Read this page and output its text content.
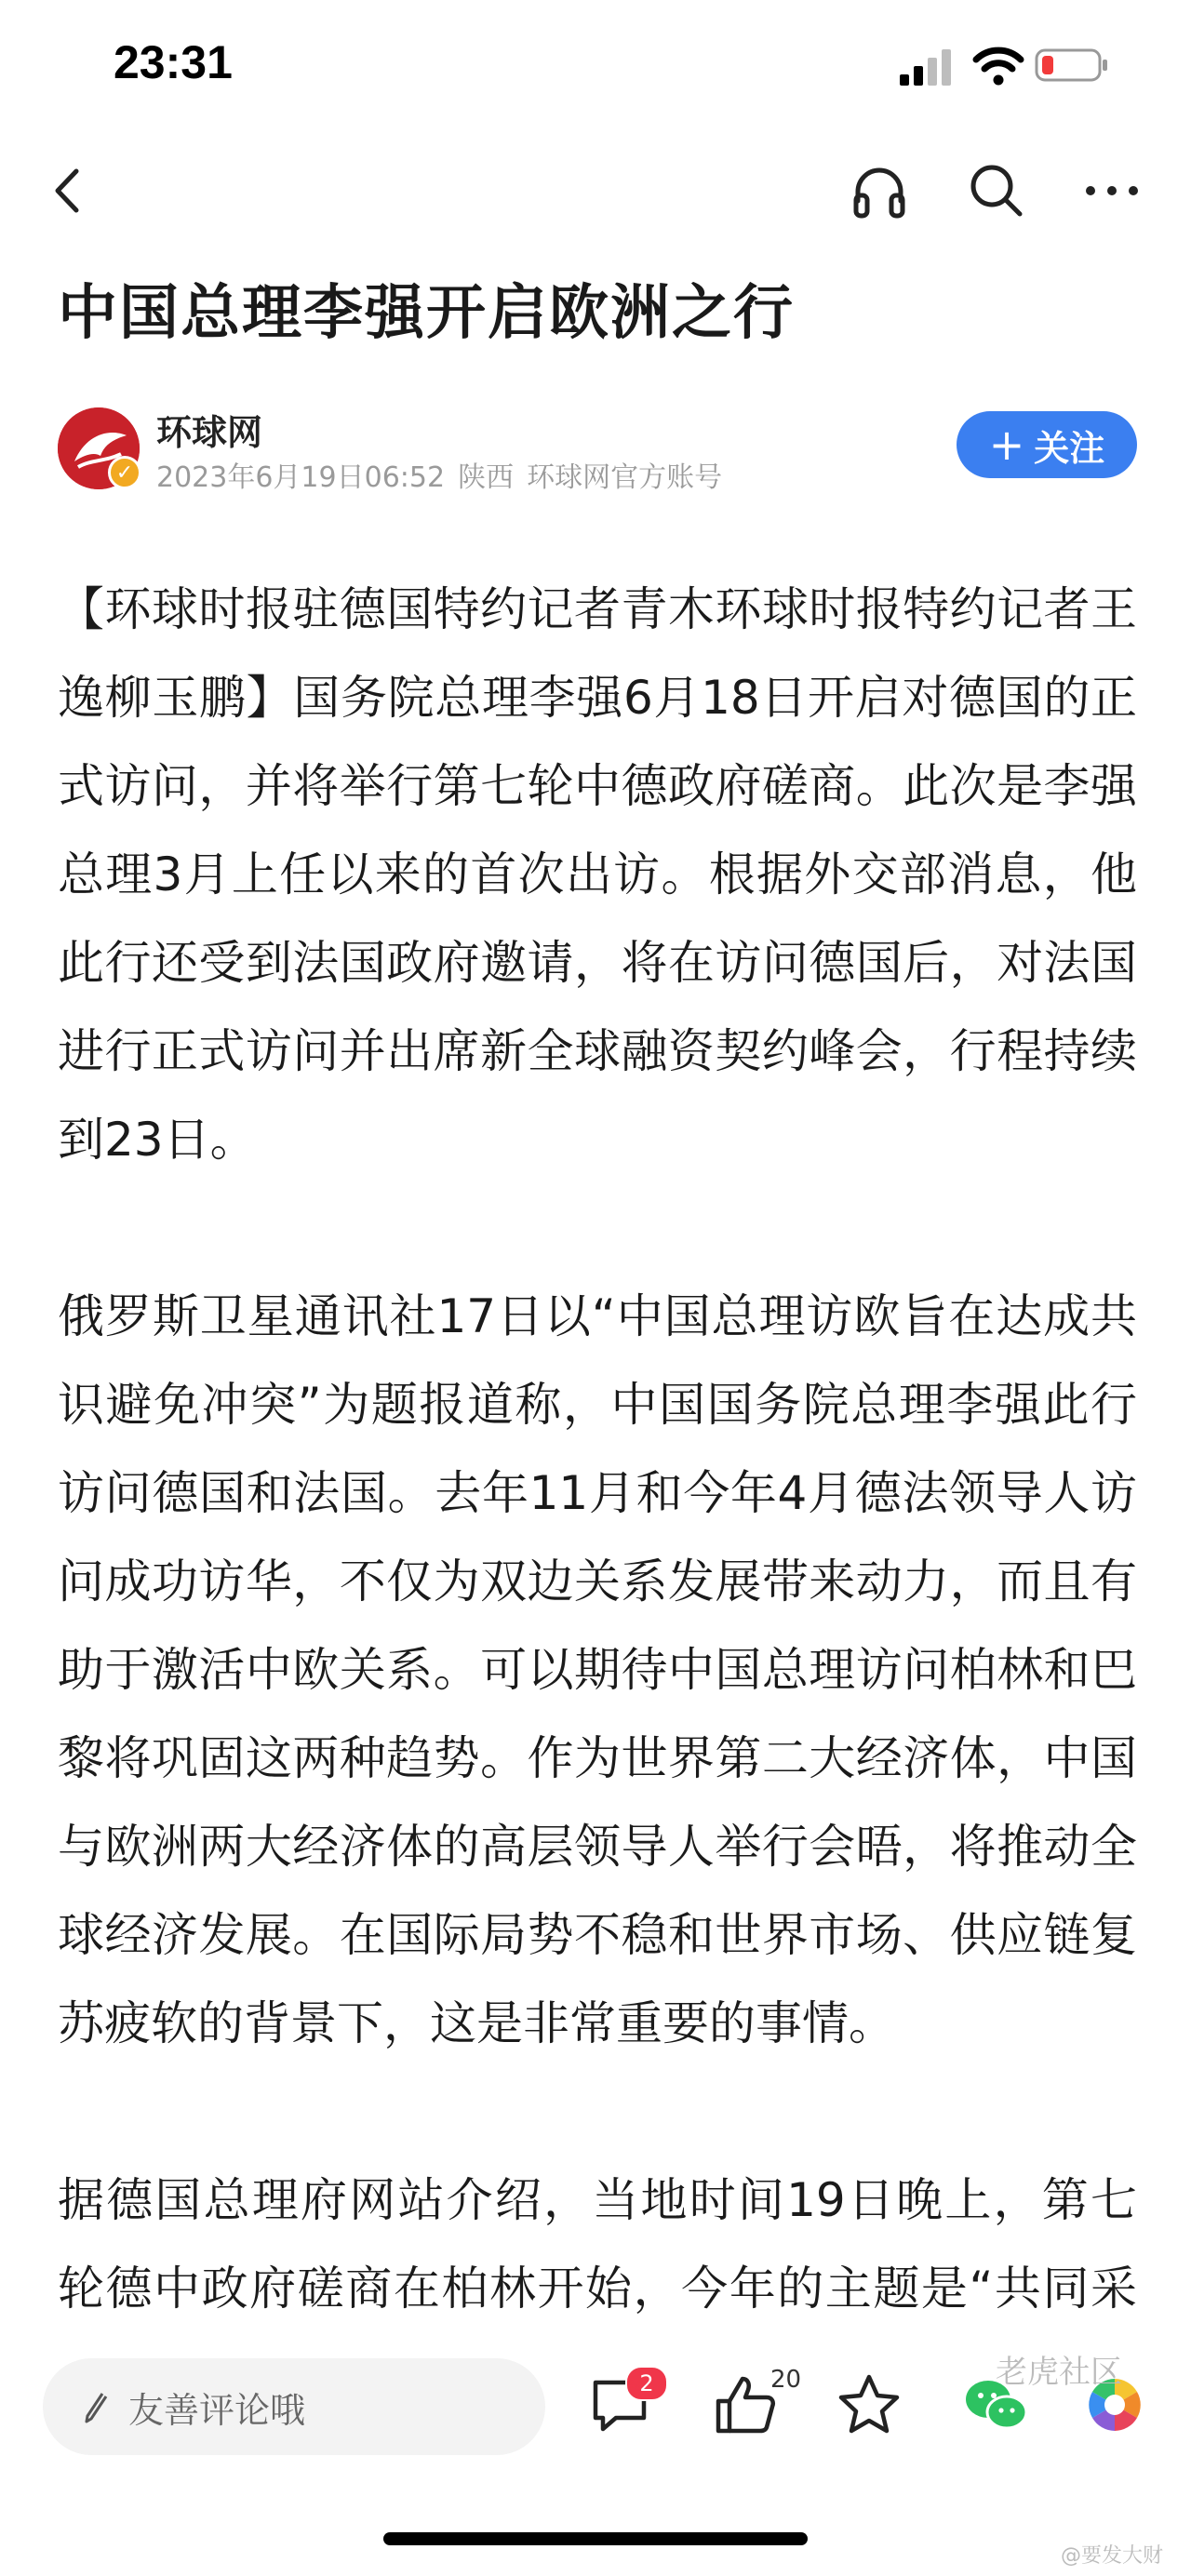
23:31
中国总理李强开启欧洲之行
✓
环球网
2023年6月19日06:52 陕西 环球网官方账号
+ 关注

【环球时报驻德国特约记者青木环球时报特约记者王逸柳玉鹏】国务院总理李强6月18日开启对德国的正式访问，并将举行第七轮中德政府磋商。此次是李强总理3月上任以来的首次出访。根据外交部消息，他此行还受到法国政府邀请，将在访问德国后，对法国进行正式访问并出席新全球融资契约峰会，行程持续到23日。

俄罗斯卫星通讯社17日以“中国总理访欧旨在达成共识避免冲突”为题报道称，中国国务院总理李强此行访问德国和法国。去年11月和今年4月德法领导人访问成功访华，不仅为双边关系发展带来动力，而且有助于激活中欧关系。可以期待中国总理访问柏林和巴黎将巩固这两种趋势。作为世界第二大经济体，中国与欧洲两大经济体的高层领导人举行会晤，将推动全球经济发展。在国际局势不稳和世界市场、供应链复苏疲软的背景下，这是非常重要的事情。

据德国总理府网站介绍，当地时间19日晚上，第七轮德中政府磋商在柏林开始，今年的主题是“共同采

友善评论哦
2	20	老虎社区
@要发大财
